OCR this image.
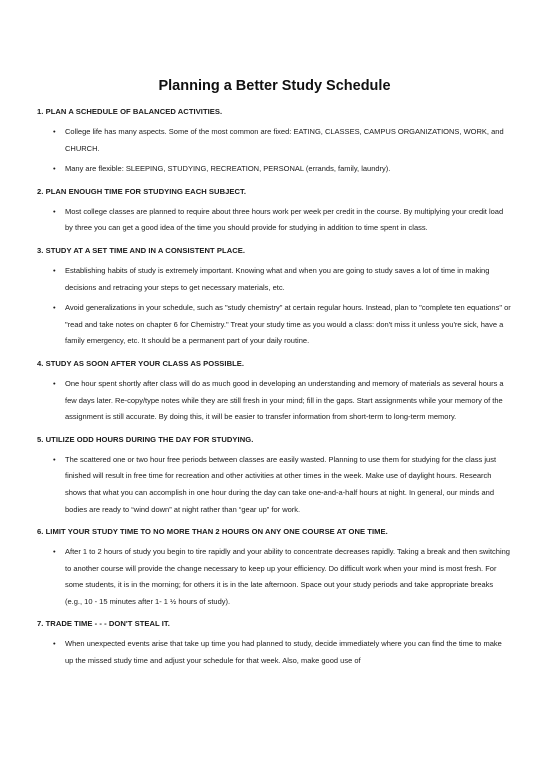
Planning a Better Study Schedule
1. PLAN A SCHEDULE OF BALANCED ACTIVITIES.
• College life has many aspects. Some of the most common are fixed: EATING, CLASSES, CAMPUS ORGANIZATIONS, WORK, and CHURCH.
• Many are flexible: SLEEPING, STUDYING, RECREATION, PERSONAL (errands, family, laundry).
2. PLAN ENOUGH TIME FOR STUDYING EACH SUBJECT.
• Most college classes are planned to require about three hours work per week per credit in the course. By multiplying your credit load by three you can get a good idea of the time you should provide for studying in addition to time spent in class.
3. STUDY AT A SET TIME AND IN A CONSISTENT PLACE.
• Establishing habits of study is extremely important. Knowing what and when you are going to study saves a lot of time in making decisions and retracing your steps to get necessary materials, etc.
• Avoid generalizations in your schedule, such as "study chemistry" at certain regular hours. Instead, plan to "complete ten equations" or "read and take notes on chapter 6 for Chemistry." Treat your study time as you would a class: don't miss it unless you're sick, have a family emergency, etc. It should be a permanent part of your daily routine.
4. STUDY AS SOON AFTER YOUR CLASS AS POSSIBLE.
• One hour spent shortly after class will do as much good in developing an understanding and memory of materials as several hours a few days later. Re-copy/type notes while they are still fresh in your mind; fill in the gaps. Start assignments while your memory of the assignment is still accurate. By doing this, it will be easier to transfer information from short-term to long-term memory.
5. UTILIZE ODD HOURS DURING THE DAY FOR STUDYING.
• The scattered one or two hour free periods between classes are easily wasted. Planning to use them for studying for the class just finished will result in free time for recreation and other activities at other times in the week. Make use of daylight hours. Research shows that what you can accomplish in one hour during the day can take one-and-a-half hours at night. In general, our minds and bodies are ready to “wind down” at night rather than “gear up” for work.
6. LIMIT YOUR STUDY TIME TO NO MORE THAN 2 HOURS ON ANY ONE COURSE AT ONE TIME.
• After 1 to 2 hours of study you begin to tire rapidly and your ability to concentrate decreases rapidly. Taking a break and then switching to another course will provide the change necessary to keep up your efficiency. Do difficult work when your mind is most fresh. For some students, it is in the morning; for others it is in the late afternoon. Space out your study periods and take appropriate breaks (e.g., 10 - 15 minutes after 1- 1 ½ hours of study).
7. TRADE TIME - - - DON'T STEAL IT.
• When unexpected events arise that take up time you had planned to study, decide immediately where you can find the time to make up the missed study time and adjust your schedule for that week. Also, make good use of
